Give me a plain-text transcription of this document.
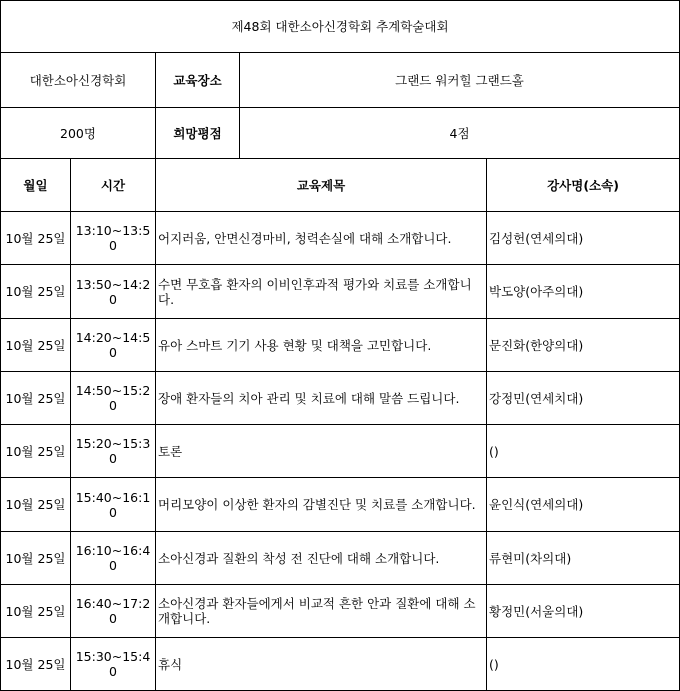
제48회 대한소아신경학회 추계학술대회				
대한소아신경학회		교육장소	그랜드 워커힐 그랜드홀	
200명		희망평점	4점	
월일	시간	교육제목		강사명(소속)
10월 25일	13:10~13:50	어지러움, 안면신경마비, 청력손실에 대해 소개합니다.		김성헌(연세의대)
10월 25일	13:50~14:20	수면 무호흡 환자의 이비인후과적 평가와 치료를 소개합니다.		박도양(아주의대)
10월 25일	14:20~14:50	유아 스마트 기기 사용 현황 및 대책을 고민합니다.		문진화(한양의대)
10월 25일	14:50~15:20	장애 환자들의 치아 관리 및 치료에 대해 말씀 드립니다.		강정민(연세치대)
10월 25일	15:20~15:30	토론		()
10월 25일	15:40~16:10	머리모양이 이상한 환자의 감별진단 및 치료를 소개합니다.		윤인식(연세의대)
10월 25일	16:10~16:40	소아신경과 질환의 착성 전 진단에 대해 소개합니다.		류현미(차의대)
10월 25일	16:40~17:20	소아신경과 환자들에게서 비교적 흔한 안과 질환에 대해 소개합니다.		황정민(서울의대)
10월 25일	15:30~15:40	휴식		()
